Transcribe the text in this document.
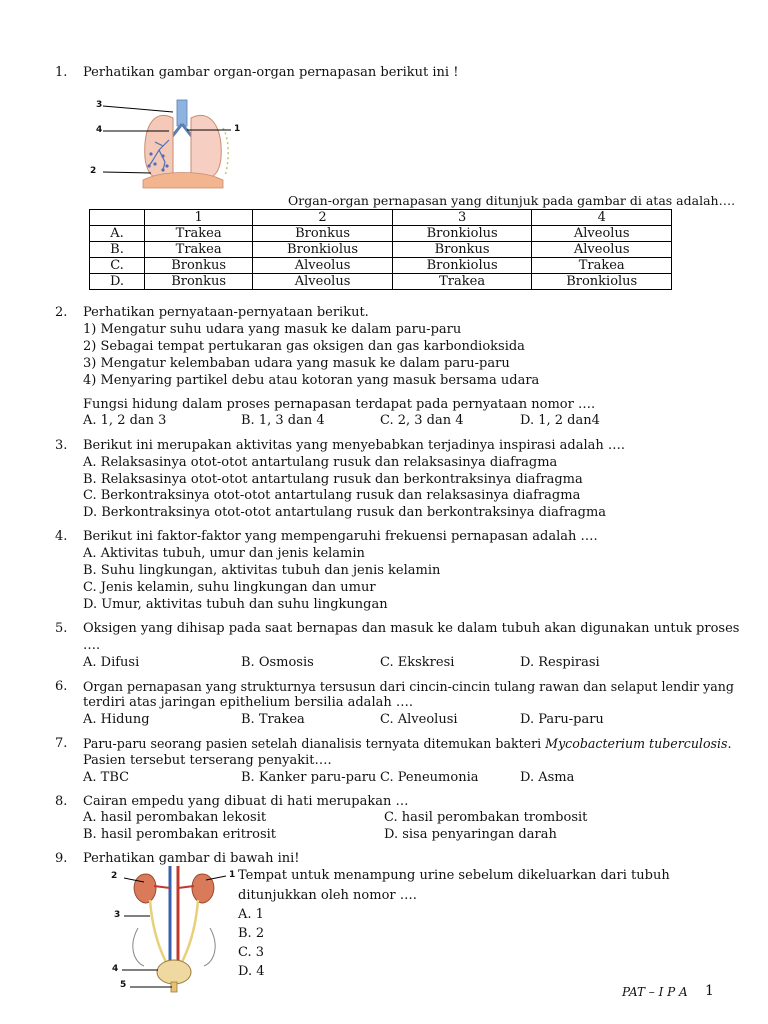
1. Perhatikan gambar organ-organ pernapasan berikut ini !
3
4	1
2
Organ-organ pernapasan yang ditunjuk pada gambar di atas adalah….
	1	2	3	4
A.	Trakea	Bronkus	Bronkiolus	Alveolus
B.	Trakea	Bronkiolus	Bronkus	Alveolus
C.	Bronkus	Alveolus	Bronkiolus	Trakea
D.	Bronkus	Alveolus	Trakea	Bronkiolus
2. Perhatikan pernyataan-pernyataan berikut.
1) Mengatur suhu udara yang masuk ke dalam paru-paru
2) Sebagai tempat pertukaran gas oksigen dan gas karbondioksida
3) Mengatur kelembaban udara yang masuk ke dalam paru-paru
4) Menyaring partikel debu atau kotoran yang masuk bersama udara
Fungsi hidung dalam proses pernapasan terdapat pada pernyataan nomor ….
A. 1, 2 dan 3	B. 1, 3 dan 4	C. 2, 3 dan 4	D. 1, 2 dan4
3. Berikut ini merupakan aktivitas yang menyebabkan terjadinya inspirasi adalah ….
A. Relaksasinya otot-otot antartulang rusuk dan relaksasinya diafragma
B. Relaksasinya otot-otot antartulang rusuk dan berkontraksinya diafragma
C. Berkontraksinya otot-otot antartulang rusuk dan relaksasinya diafragma
D. Berkontraksinya otot-otot antartulang rusuk dan berkontraksinya diafragma
4. Berikut ini faktor-faktor yang mempengaruhi frekuensi pernapasan adalah ….
A. Aktivitas tubuh, umur dan jenis kelamin
B. Suhu lingkungan, aktivitas tubuh dan jenis kelamin
C. Jenis kelamin, suhu lingkungan dan umur
D. Umur, aktivitas tubuh dan suhu lingkungan
5. Oksigen yang dihisap pada saat bernapas dan masuk ke dalam tubuh akan digunakan untuk proses
….
A. Difusi	B. Osmosis	C. Ekskresi	D. Respirasi
6. Organ pernapasan yang strukturnya tersusun dari cincin-cincin tulang rawan dan selaput lendir yang
terdiri atas jaringan epithelium bersilia adalah ….
A. Hidung	B. Trakea	C. Alveolusi	D. Paru-paru
7. Paru-paru seorang pasien setelah dianalisis ternyata ditemukan bakteri Mycobacterium tuberculosis.
Pasien tersebut terserang penyakit….
A. TBC	B. Kanker paru-paru C. Peneumonia	D. Asma
8. Cairan empedu yang dibuat di hati merupakan …
A. hasil perombakan lekosit	C. hasil perombakan trombosit
B. hasil perombakan eritrosit	D. sisa penyaringan darah
9. Perhatikan gambar di bawah ini!
2	1
3
4
5
Tempat untuk menampung urine sebelum dikeluarkan dari tubuh
ditunjukkan oleh nomor ….
A. 1
B. 2
C. 3
D. 4
PAT – I P A 1
